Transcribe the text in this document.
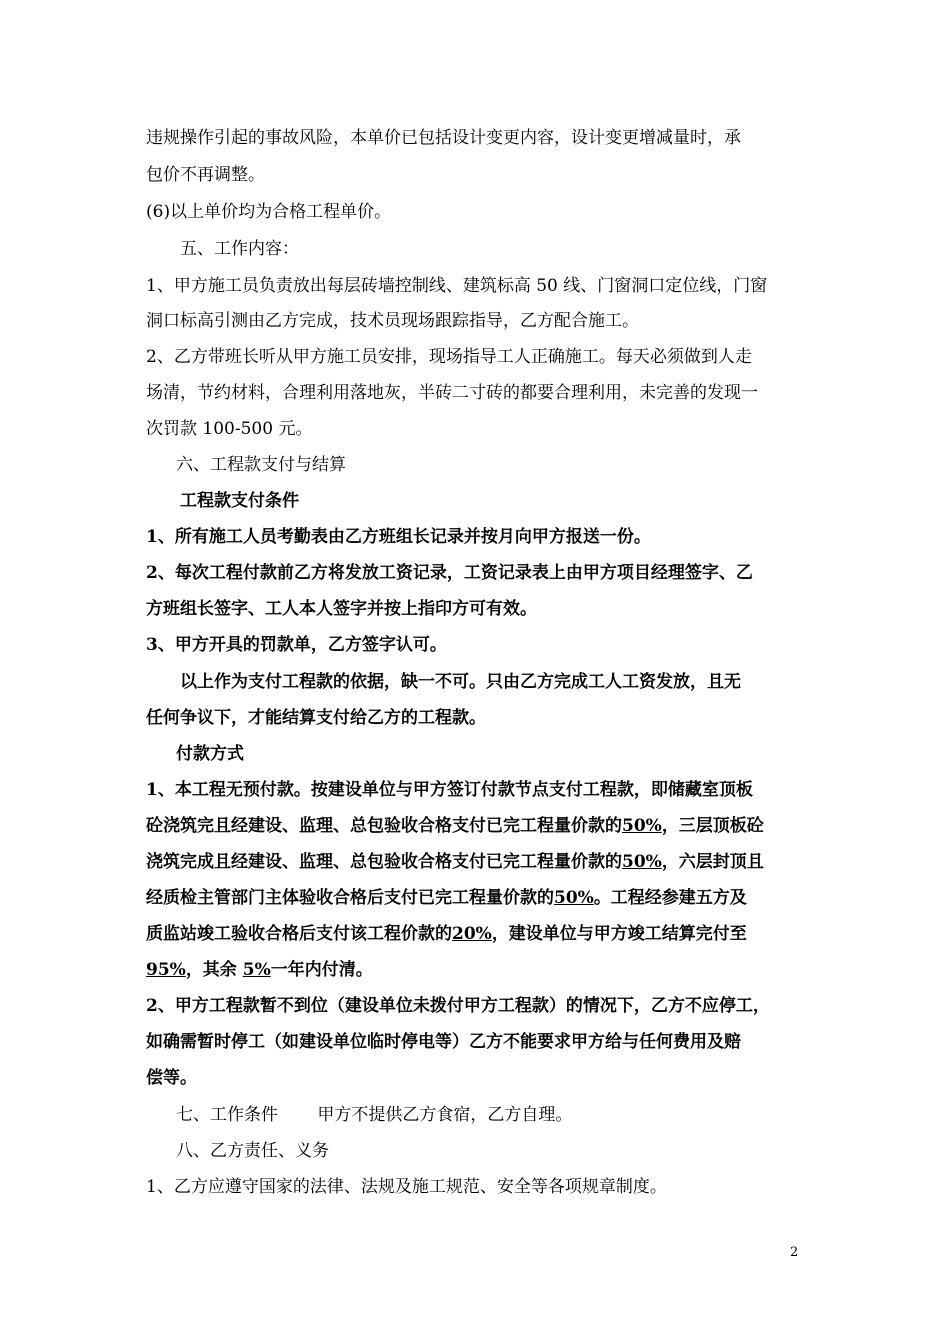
违规操作引起的事故风险，本单价已包括设计变更内容，设计变更增减量时，承
包价不再调整。
(6)以上单价均为合格工程单价。
五、工作内容：
1、甲方施工员负责放出每层砖墙控制线、建筑标高 50 线、门窗洞口定位线，门窗
洞口标高引测由乙方完成，技术员现场跟踪指导，乙方配合施工。
2、乙方带班长听从甲方施工员安排，现场指导工人正确施工。每天必须做到人走
场清，节约材料，合理利用落地灰，半砖二寸砖的都要合理利用，未完善的发现一
次罚款 100-500 元。
六、工程款支付与结算
工程款支付条件
1、所有施工人员考勤表由乙方班组长记录并按月向甲方报送一份。
2、每次工程付款前乙方将发放工资记录，工资记录表上由甲方项目经理签字、乙
方班组长签字、工人本人签字并按上指印方可有效。
3、甲方开具的罚款单，乙方签字认可。
以上作为支付工程款的依据，缺一不可。只由乙方完成工人工资发放，且无
任何争议下，才能结算支付给乙方的工程款。
付款方式
1、本工程无预付款。按建设单位与甲方签订付款节点支付工程款，即储藏室顶板
砼浇筑完且经建设、监理、总包验收合格支付已完工程量价款的50%，三层顶板砼
浇筑完成且经建设、监理、总包验收合格支付已完工程量价款的50%，六层封顶且
经质检主管部门主体验收合格后支付已完工程量价款的50%。工程经参建五方及
质监站竣工验收合格后支付该工程价款的20%，建设单位与甲方竣工结算完付至
95%，其余 5%一年内付清。
2、甲方工程款暂不到位（建设单位未拨付甲方工程款）的情况下，乙方不应停工，
如确需暂时停工（如建设单位临时停电等）乙方不能要求甲方给与任何费用及赔
偿等。
七、工作条件 　　甲方不提供乙方食宿，乙方自理。
八、乙方责任、义务
1、乙方应遵守国家的法律、法规及施工规范、安全等各项规章制度。
2
